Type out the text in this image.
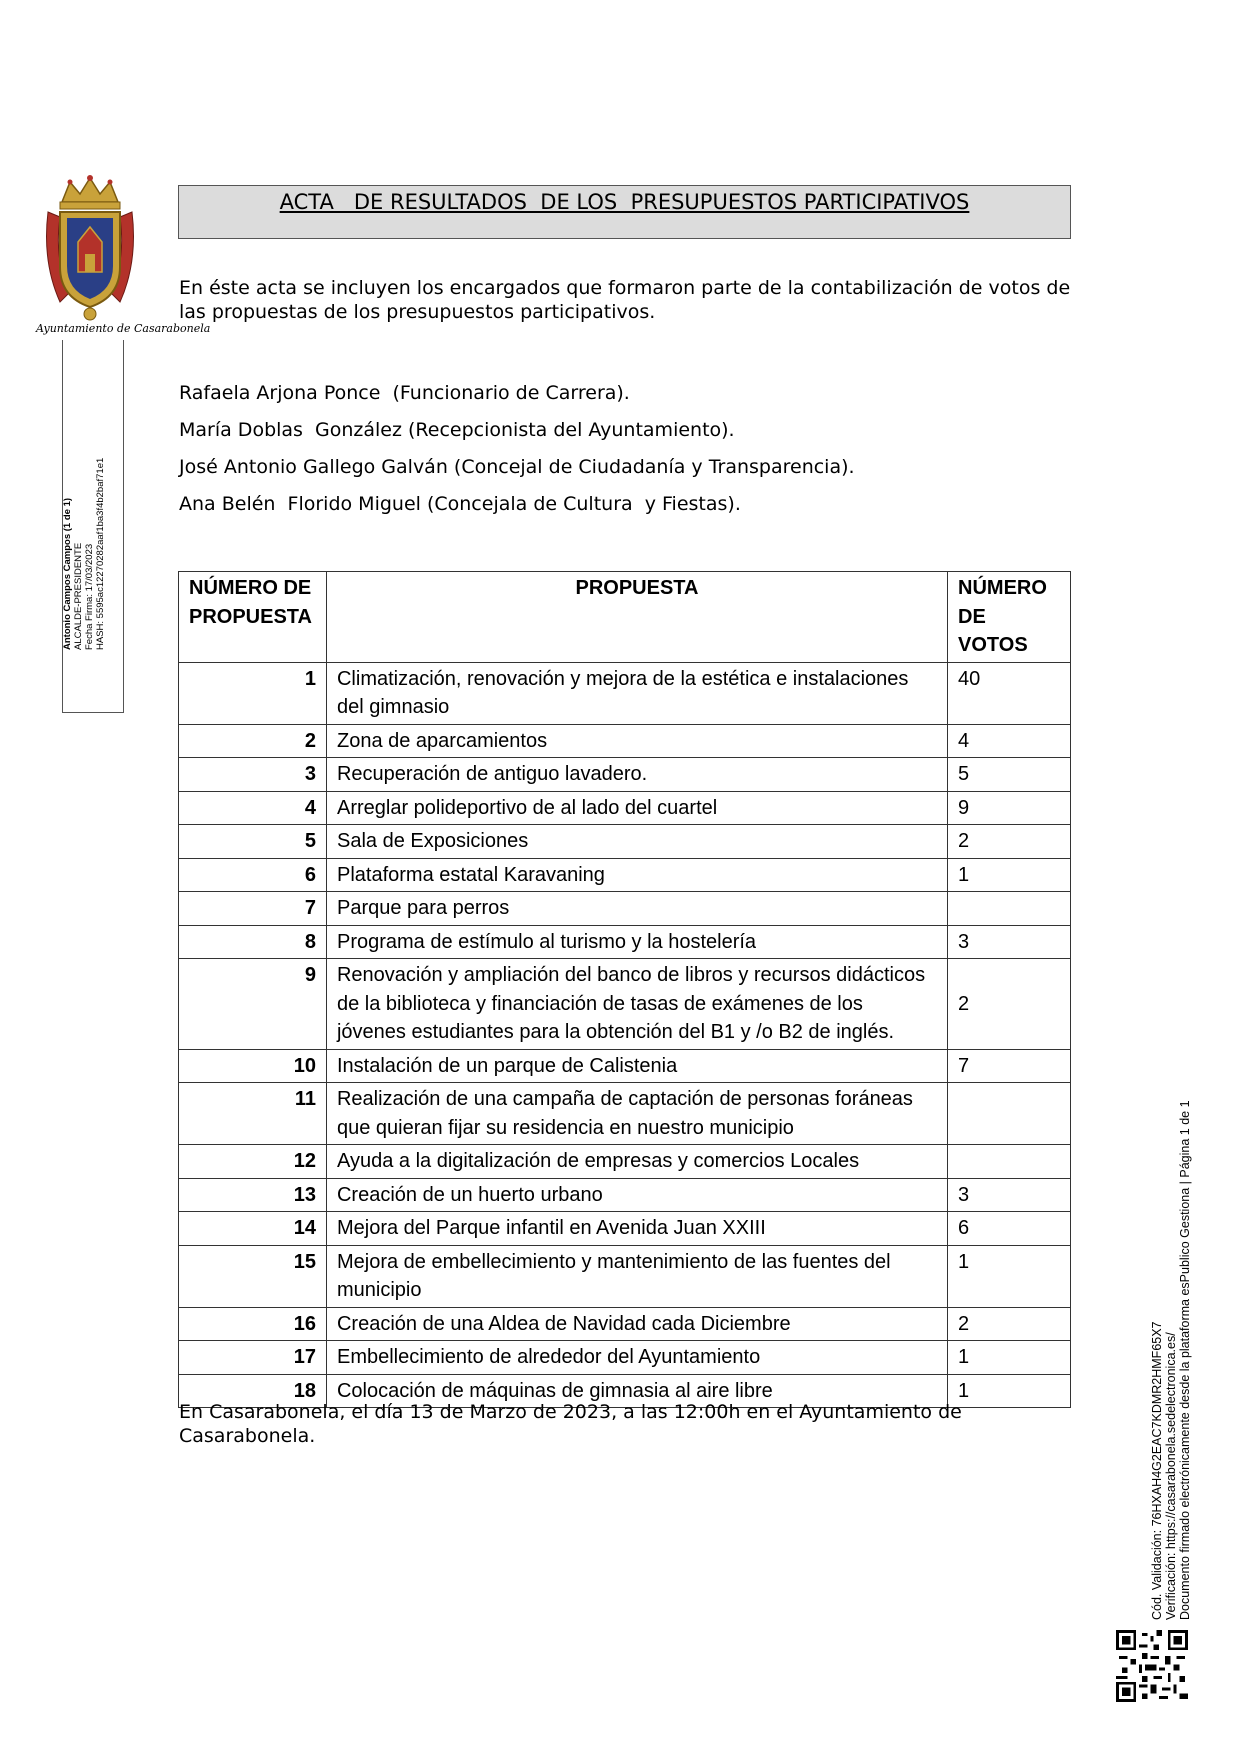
Ayuntamiento de Casarabonela
Antonio Campos Campos (1 de 1) ALCALDE-PRESIDENTE Fecha Firma: 17/03/2023 HASH: 5595ac12270282aaf1ba3f4b2baf71e1
ACTA   DE RESULTADOS  DE LOS  PRESUPUESTOS PARTICIPATIVOS

En éste acta se incluyen los encargados que formaron parte de la contabilización de votos de las propuestas de los presupuestos participativos.

Rafaela Arjona Ponce  (Funcionario de Carrera).
María Doblas  González (Recepcionista del Ayuntamiento).
José Antonio Gallego Galván (Concejal de Ciudadanía y Transparencia).
Ana Belén  Florido Miguel (Concejala de Cultura  y Fiestas).
NÚMERO DE PROPUESTA	PROPUESTA	NÚMERO DE VOTOS
1	Climatización, renovación y mejora de la estética e instalaciones del gimnasio	40
2	Zona de aparcamientos	4
3	Recuperación de antiguo lavadero.	5
4	Arreglar polideportivo de al lado del cuartel	9
5	Sala de Exposiciones	2
6	Plataforma estatal Karavaning	1
7	Parque para perros	
8	Programa de estímulo al turismo y la hostelería	3
9	Renovación y ampliación del banco de libros y recursos didácticos de la biblioteca y financiación de tasas de exámenes de los jóvenes estudiantes para la obtención del B1 y /o B2 de inglés.	2
10	Instalación de un parque de Calistenia	7
11	Realización de una campaña de captación de personas foráneas que quieran fijar su residencia en nuestro municipio	
12	Ayuda a la digitalización de empresas y comercios Locales	
13	Creación de un huerto urbano	3
14	Mejora del Parque infantil en Avenida Juan XXIII	6
15	Mejora de embellecimiento y mantenimiento de las fuentes del municipio	1
16	Creación de una Aldea de Navidad cada Diciembre	2
17	Embellecimiento de alrededor del Ayuntamiento	1
18	Colocación de máquinas de gimnasia al aire libre	1

En Casarabonela, el día 13 de Marzo de 2023, a las 12:00h en el Ayuntamiento de Casarabonela.	Cód. Validación: 76HXAH4G2EAC7KDMR2HMF65X7 Verificación: https://casarabonela.sedelectronica.es/ Documento firmado electrónicamente desde la plataforma esPublico Gestiona | Página 1 de 1
